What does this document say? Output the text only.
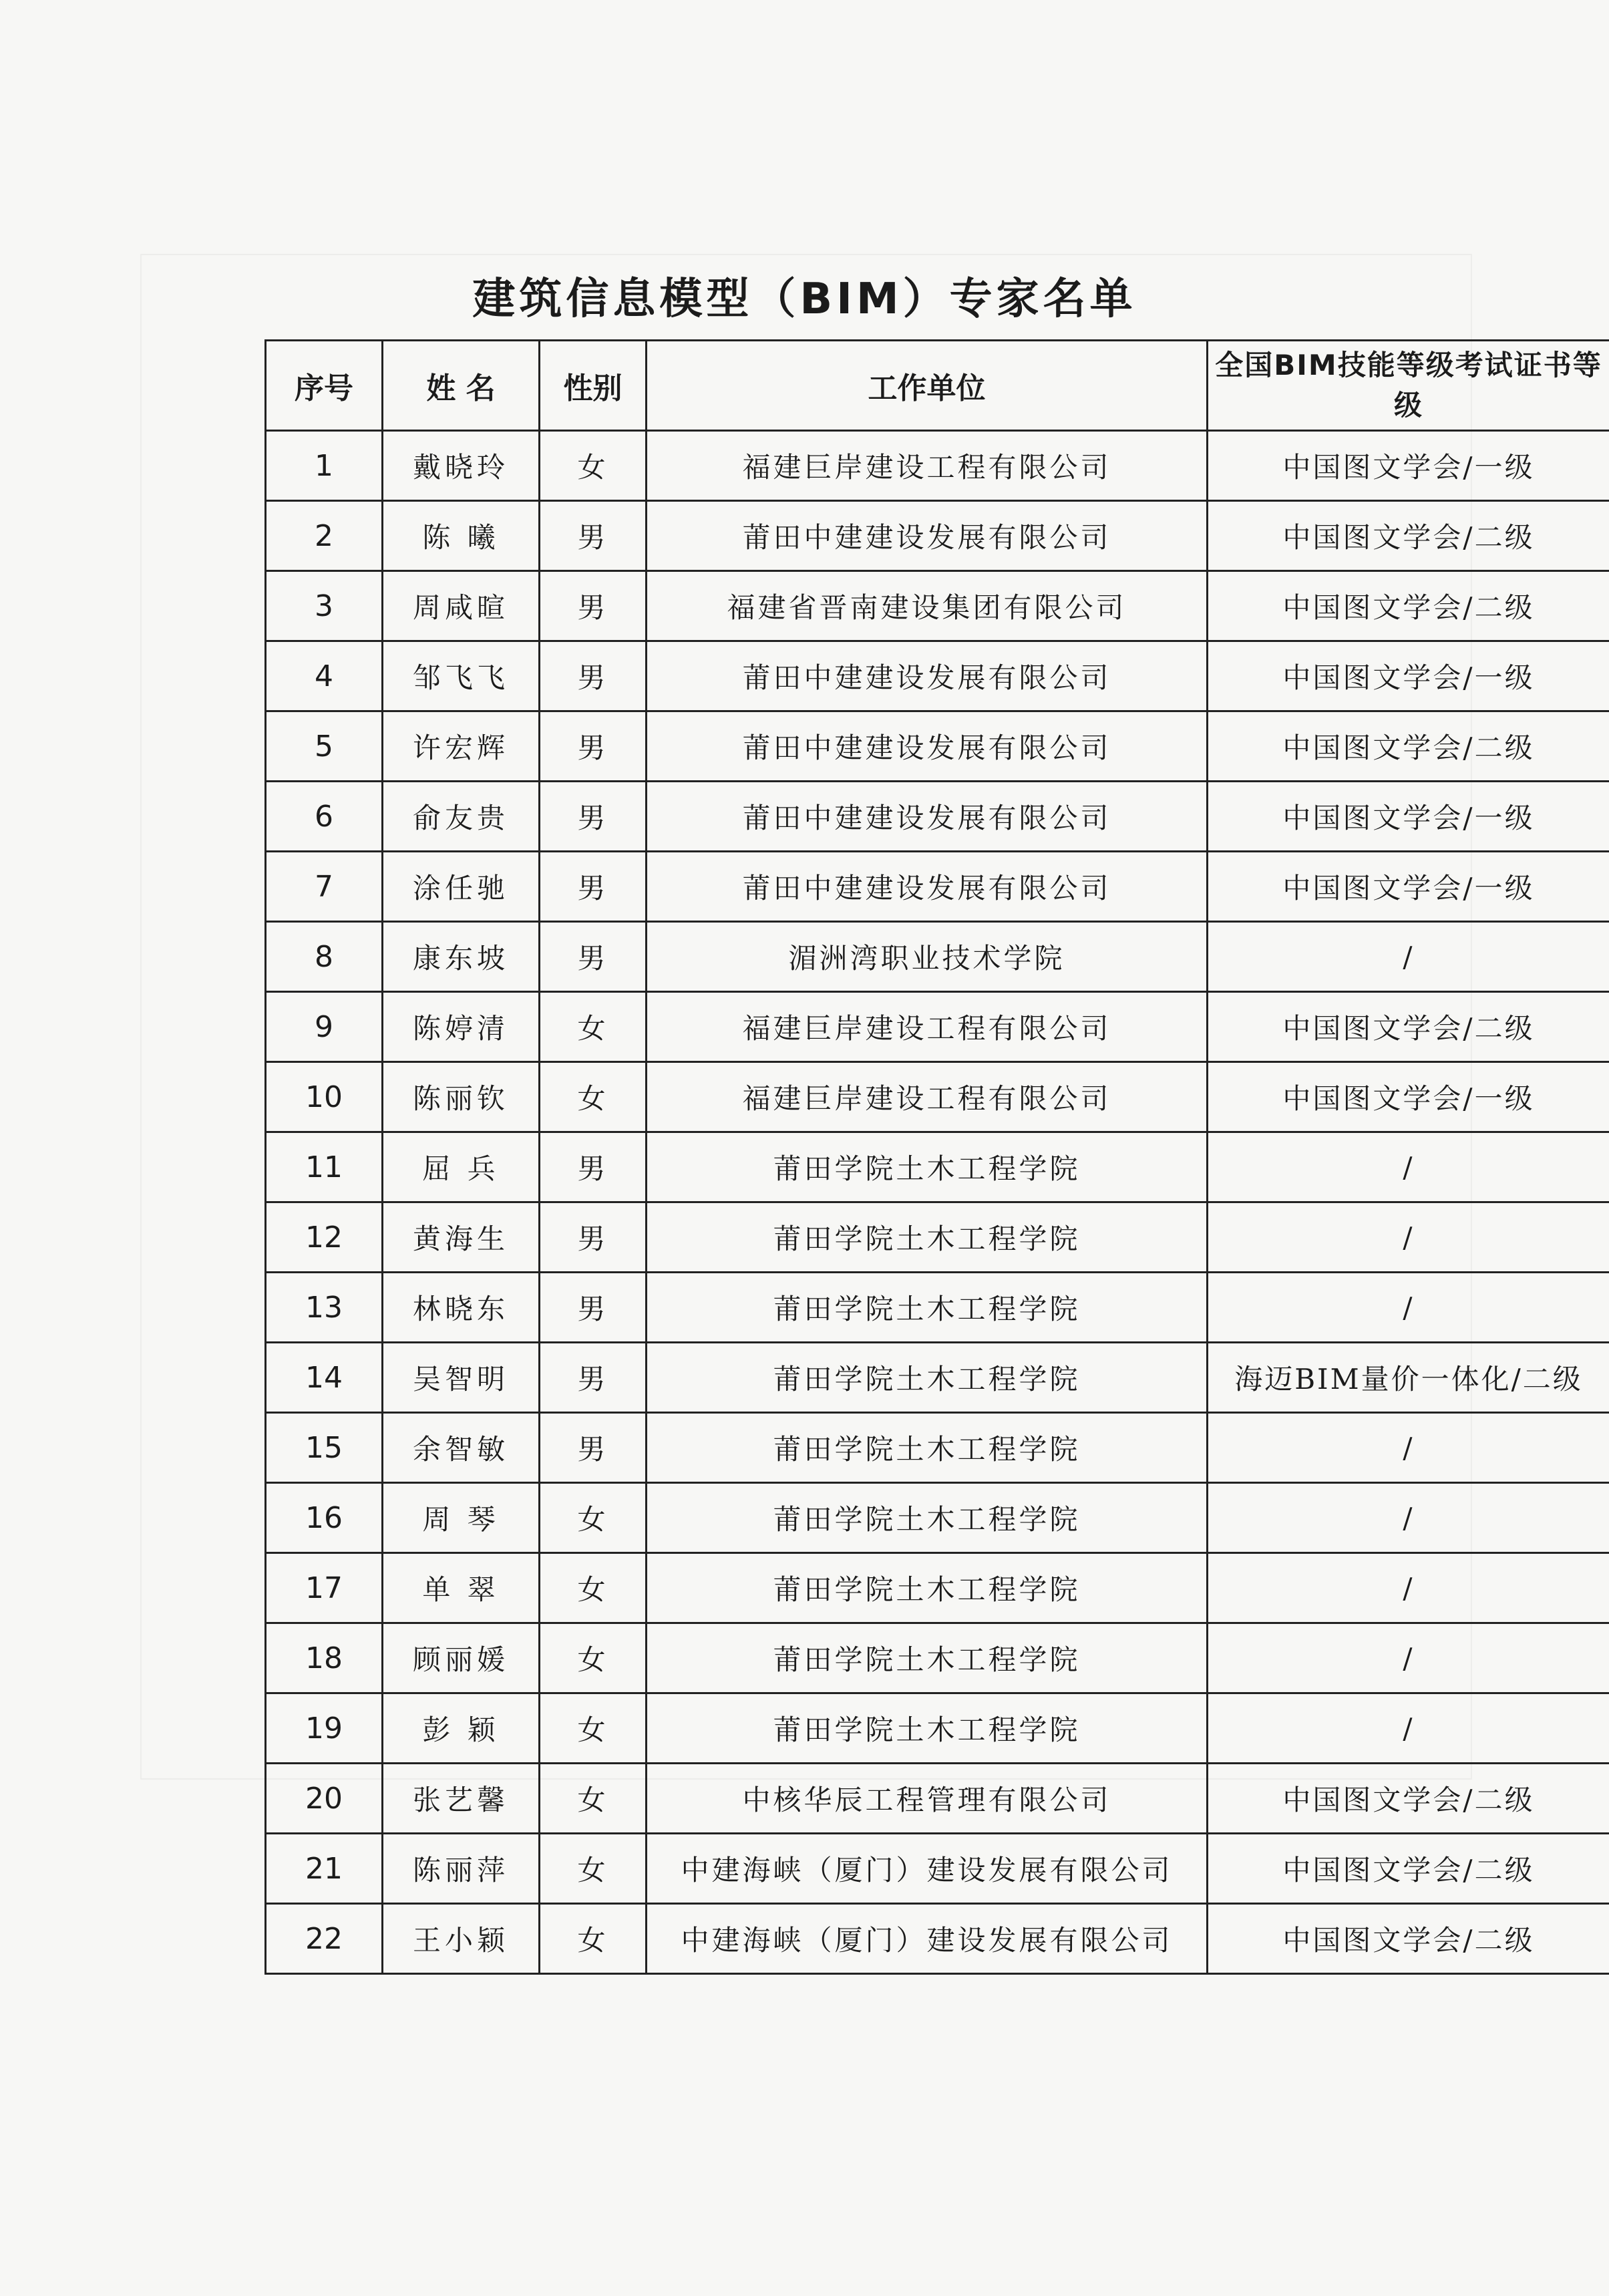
建筑信息模型（BIM）专家名单
序号	姓 名	性别	工作单位	全国BIM技能等级考试证书等级
1	戴晓玲	女	福建巨岸建设工程有限公司	中国图文学会/一级
2	陈 曦	男	莆田中建建设发展有限公司	中国图文学会/二级
3	周咸暄	男	福建省晋南建设集团有限公司	中国图文学会/二级
4	邹飞飞	男	莆田中建建设发展有限公司	中国图文学会/一级
5	许宏辉	男	莆田中建建设发展有限公司	中国图文学会/二级
6	俞友贵	男	莆田中建建设发展有限公司	中国图文学会/一级
7	涂任驰	男	莆田中建建设发展有限公司	中国图文学会/一级
8	康东坡	男	湄洲湾职业技术学院	/
9	陈婷清	女	福建巨岸建设工程有限公司	中国图文学会/二级
10	陈丽钦	女	福建巨岸建设工程有限公司	中国图文学会/一级
11	屈 兵	男	莆田学院土木工程学院	/
12	黄海生	男	莆田学院土木工程学院	/
13	林晓东	男	莆田学院土木工程学院	/
14	吴智明	男	莆田学院土木工程学院	海迈BIM量价一体化/二级
15	余智敏	男	莆田学院土木工程学院	/
16	周 琴	女	莆田学院土木工程学院	/
17	单 翠	女	莆田学院土木工程学院	/
18	顾丽媛	女	莆田学院土木工程学院	/
19	彭 颖	女	莆田学院土木工程学院	/
20	张艺馨	女	中核华辰工程管理有限公司	中国图文学会/二级
21	陈丽萍	女	中建海峡（厦门）建设发展有限公司	中国图文学会/二级
22	王小颖	女	中建海峡（厦门）建设发展有限公司	中国图文学会/二级
